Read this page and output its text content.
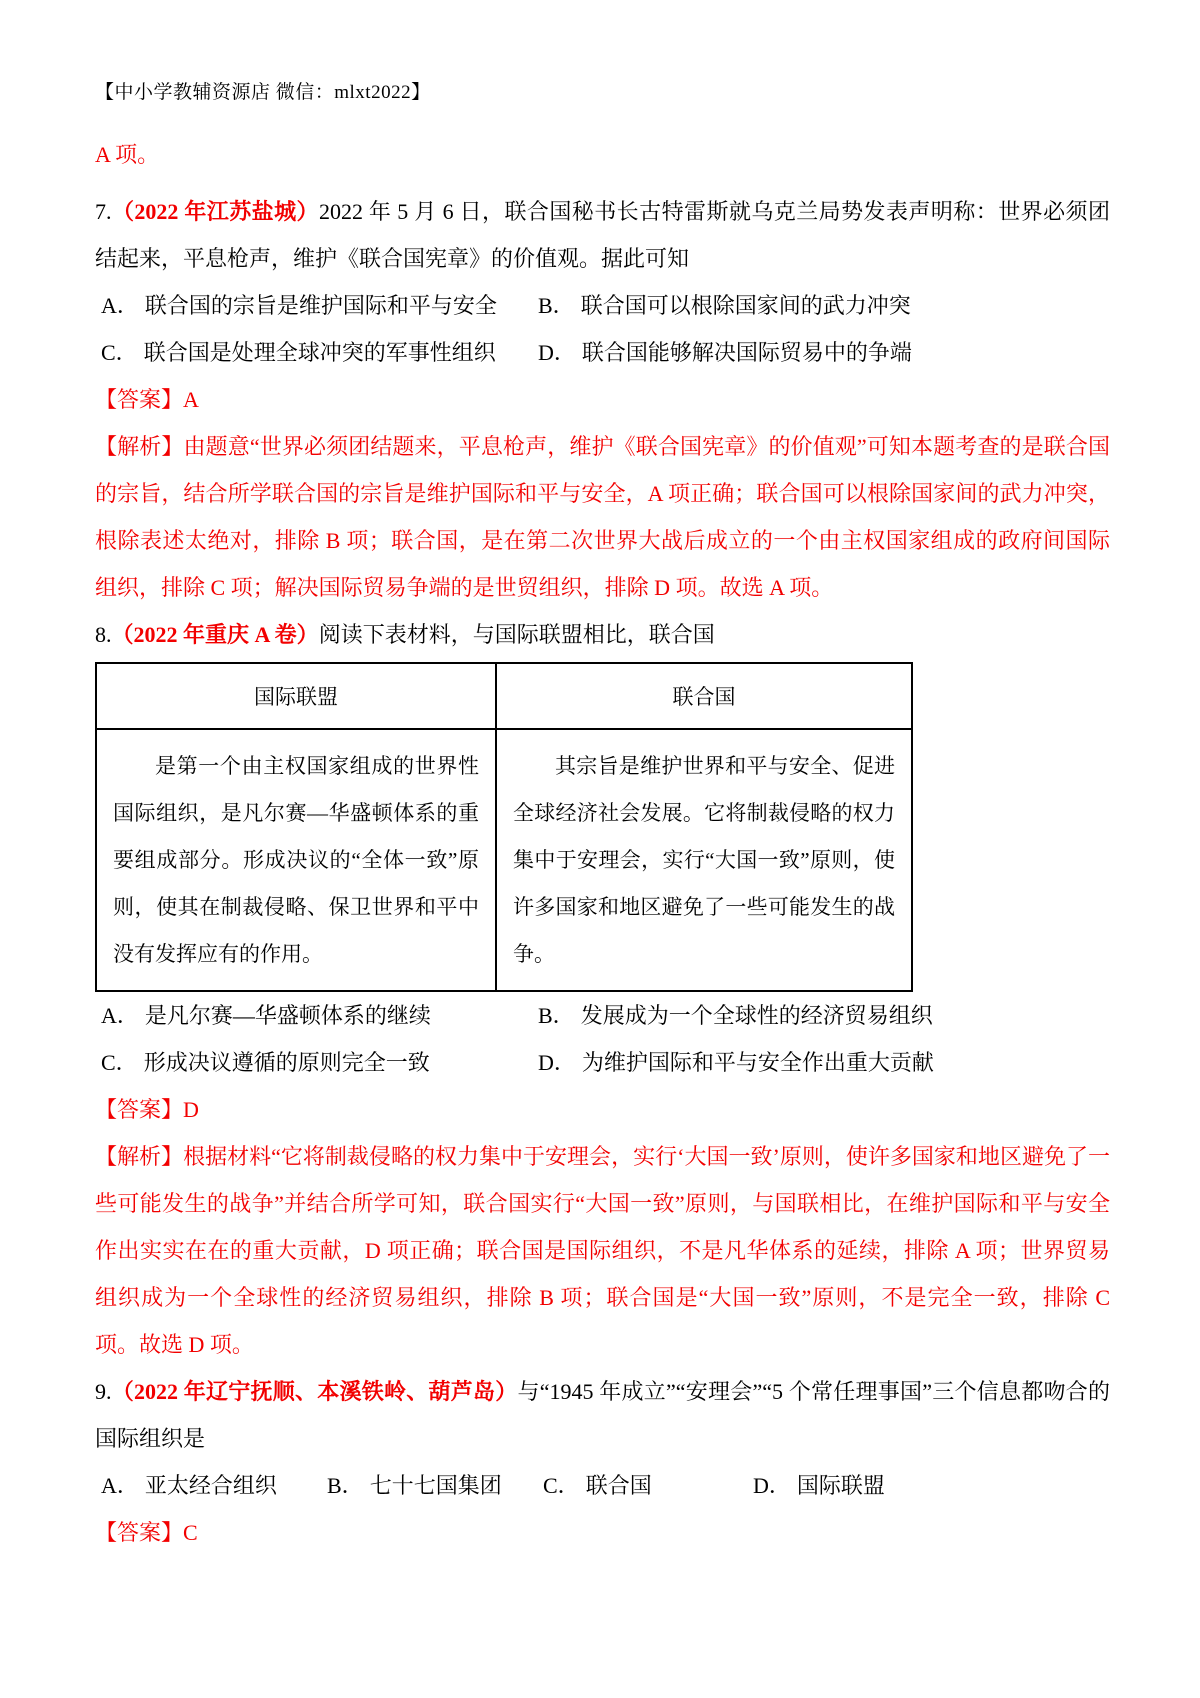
【中小学教辅资源店 微信：mlxt2022】

A 项。

7.（2022 年江苏盐城）2022 年 5 月 6 日，联合国秘书长古特雷斯就乌克兰局势发表声明称：世界必须团结起来，平息枪声，维护《联合国宪章》的价值观。据此可知

A． 联合国的宗旨是维护国际和平与安全	B． 联合国可以根除国家间的武力冲突
C． 联合国是处理全球冲突的军事性组织	D． 联合国能够解决国际贸易中的争端

【答案】A

【解析】由题意“世界必须团结题来，平息枪声，维护《联合国宪章》的价值观”可知本题考查的是联合国的宗旨，结合所学联合国的宗旨是维护国际和平与安全，A 项正确；联合国可以根除国家间的武力冲突，根除表述太绝对，排除 B 项；联合国，是在第二次世界大战后成立的一个由主权国家组成的政府间国际组织，排除 C 项；解决国际贸易争端的是世贸组织，排除 D 项。故选 A 项。

8.（2022 年重庆 A 卷）阅读下表材料，与国际联盟相比，联合国

国际联盟	联合国

是第一个由主权国家组成的世界性国际组织，是凡尔赛—华盛顿体系的重要组成部分。形成决议的“全体一致”原则，使其在制裁侵略、保卫世界和平中没有发挥应有的作用。	其宗旨是维护世界和平与安全、促进全球经济社会发展。它将制裁侵略的权力集中于安理会，实行“大国一致”原则，使许多国家和地区避免了一些可能发生的战争。

A． 是凡尔赛—华盛顿体系的继续	B． 发展成为一个全球性的经济贸易组织
C． 形成决议遵循的原则完全一致	D． 为维护国际和平与安全作出重大贡献

【答案】D

【解析】根据材料“它将制裁侵略的权力集中于安理会，实行‘大国一致’原则，使许多国家和地区避免了一些可能发生的战争”并结合所学可知，联合国实行“大国一致”原则，与国联相比，在维护国际和平与安全作出实实在在的重大贡献，D 项正确；联合国是国际组织，不是凡华体系的延续，排除 A 项；世界贸易组织成为一个全球性的经济贸易组织，排除 B 项；联合国是“大国一致”原则，不是完全一致，排除 C 项。故选 D 项。

9.（2022 年辽宁抚顺、本溪铁岭、葫芦岛）与“1945 年成立”“安理会”“5 个常任理事国”三个信息都吻合的国际组织是

A． 亚太经合组织	B． 七十七国集团	C． 联合国	D． 国际联盟

【答案】C
